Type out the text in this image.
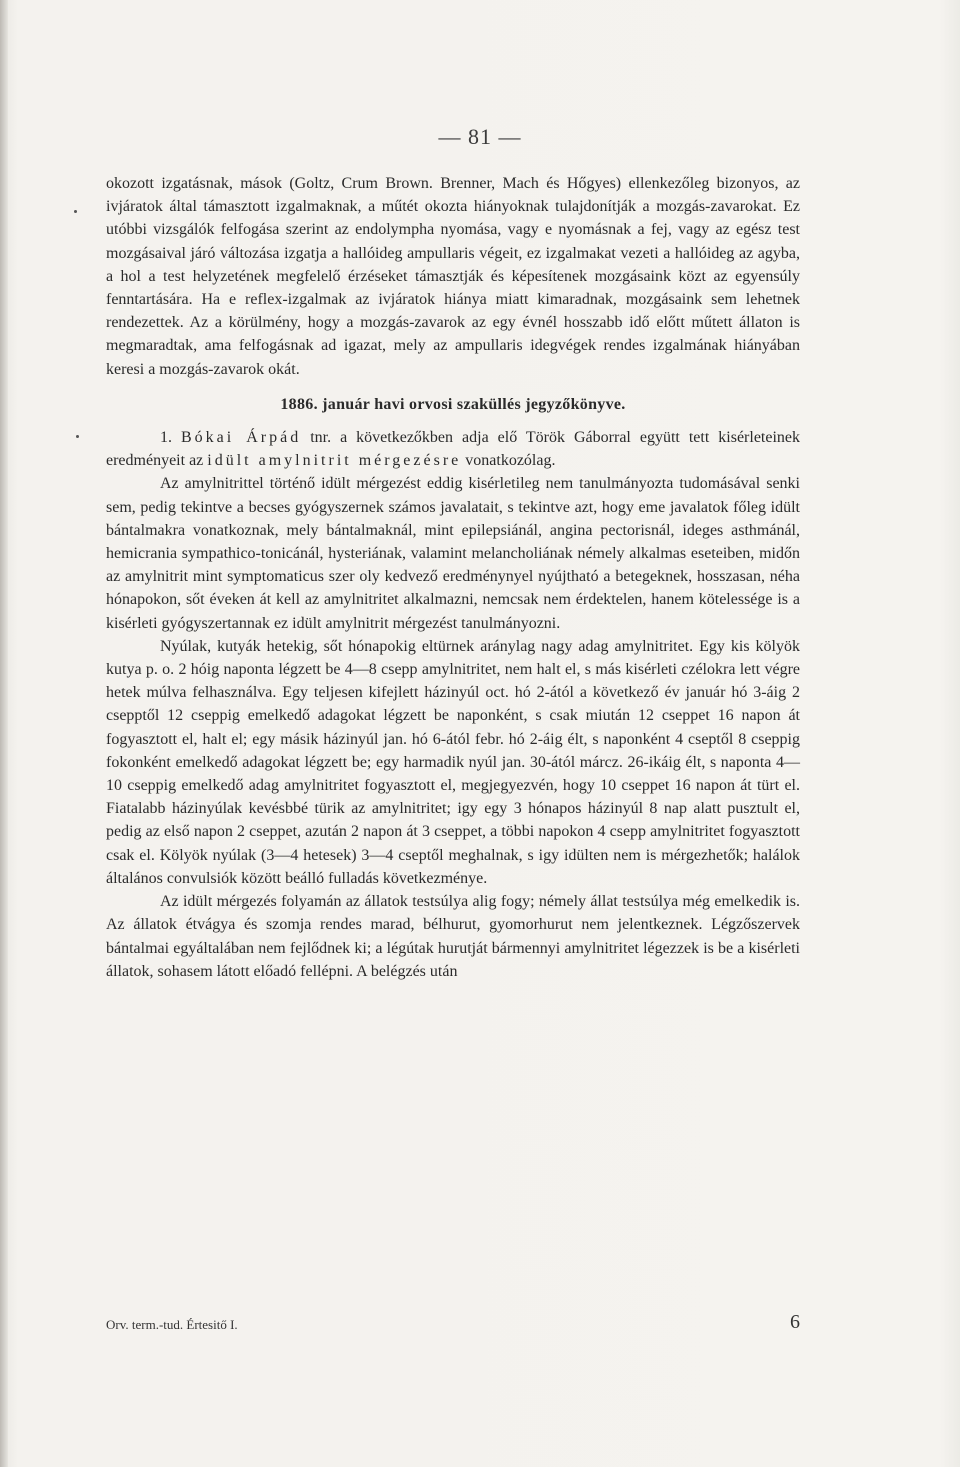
— 81 —

okozott izgatásnak, mások (Goltz, Crum Brown. Brenner, Mach és Hőgyes) ellenkezőleg bizonyos, az ivjáratok által támasztott izgalmaknak, a műtét okozta hiányoknak tulajdonítják a mozgás-zavarokat. Ez utóbbi vizsgálók felfogása szerint az endolympha nyomása, vagy e nyomásnak a fej, vagy az egész test mozgásaival járó változása izgatja a hallóideg ampullaris végeit, ez izgalmakat vezeti a hallóideg az agyba, a hol a test helyzetének megfelelő érzéseket támasztják és képesítenek mozgásaink közt az egyensúly fenntartására. Ha e reflex-izgalmak az ivjáratok hiánya miatt kimaradnak, mozgásaink sem lehetnek rendezettek. Az a körülmény, hogy a mozgás-zavarok az egy évnél hosszabb idő előtt műtett állaton is megmaradtak, ama felfogásnak ad igazat, mely az ampullaris idegvégek rendes izgalmának hiányában keresi a mozgás-zavarok okát.

1886. január havi orvosi szaküllés jegyzőkönyve.

1. Bókai Árpád tnr. a következőkben adja elő Török Gáborral együtt tett kisérleteinek eredményeit az idült amylnitrit mérgezésre vonatkozólag.

Az amylnitrittel történő idült mérgezést eddig kisérletileg nem tanulmányozta tudomásával senki sem, pedig tekintve a becses gyógyszernek számos javalatait, s tekintve azt, hogy eme javalatok főleg idült bántalmakra vonatkoznak, mely bántalmaknál, mint epilepsiánál, angina pectorisnál, ideges asthmánál, hemicrania sympathico-tonicánál, hysteriának, valamint melancholiának némely alkalmas eseteiben, midőn az amylnitrit mint symptomaticus szer oly kedvező eredménynyel nyújtható a betegeknek, hosszasan, néha hónapokon, sőt éveken át kell az amylnitritet alkalmazni, nemcsak nem érdektelen, hanem kötelessége is a kisérleti gyógyszertannak ez idült amylnitrit mérgezést tanulmányozni.

Nyúlak, kutyák hetekig, sőt hónapokig eltürnek aránylag nagy adag amylnitritet. Egy kis kölyök kutya p. o. 2 hóig naponta légzett be 4—8 csepp amylnitritet, nem halt el, s más kisérleti czélokra lett végre hetek múlva felhasználva. Egy teljesen kifejlett házinyúl oct. hó 2-ától a következő év január hó 3-áig 2 csepptől 12 cseppig emelkedő adagokat légzett be naponként, s csak miután 12 cseppet 16 napon át fogyasztott el, halt el; egy másik házinyúl jan. hó 6-ától febr. hó 2-áig élt, s naponként 4 cseptől 8 cseppig fokonként emelkedő adagokat légzett be; egy harmadik nyúl jan. 30-ától márcz. 26-ikáig élt, s naponta 4—10 cseppig emelkedő adag amylnitritet fogyasztott el, megjegyezvén, hogy 10 cseppet 16 napon át türt el. Fiatalabb házinyúlak kevésbbé türik az amylnitritet; igy egy 3 hónapos házinyúl 8 nap alatt pusztult el, pedig az első napon 2 cseppet, azután 2 napon át 3 cseppet, a többi napokon 4 csepp amylnitritet fogyasztott csak el. Kölyök nyúlak (3—4 hetesek) 3—4 cseptől meghalnak, s igy idülten nem is mérgezhetők; halálok általános convulsiók között beálló fulladás következménye.

Az idült mérgezés folyamán az állatok testsúlya alig fogy; némely állat testsúlya még emelkedik is. Az állatok étvágya és szomja rendes marad, bélhurut, gyomorhurut nem jelentkeznek. Légzőszervek bántalmai egyáltalában nem fejlődnek ki; a légútak hurutját bármennyi amylnitritet légezzek is be a kisérleti állatok, sohasem látott előadó fellépni. A belégzés után

Orv. term.-tud. Értesitő I.	6
